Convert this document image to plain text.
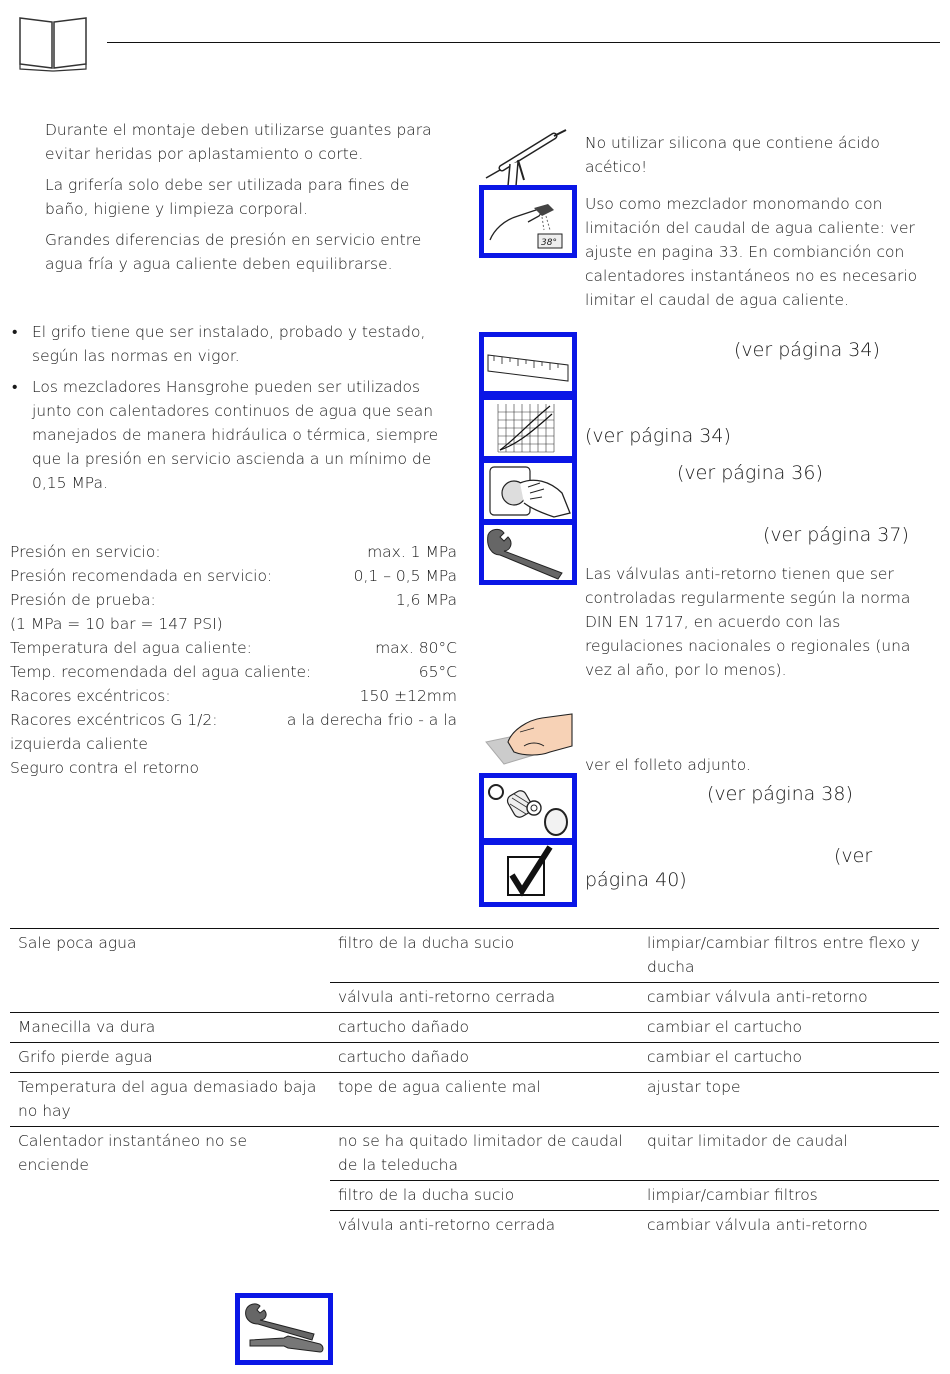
Durante el montaje deben utilizarse guantes para evitar heridas por aplastamiento o corte.

La grifería solo debe ser utilizada para fines de baño, higiene y limpieza corporal.

Grandes diferencias de presión en servicio entre agua fría y agua caliente deben equilibrarse.

• El grifo tiene que ser instalado, probado y testado, según las normas en vigor.

• Los mezcladores Hansgrohe pueden ser utilizados junto con calentadores continuos de agua que sean manejados de manera hidráulica o térmica, siempre que la presión en servicio ascienda a un mínimo de 0,15 MPa.

Presión en servicio:	max. 1 MPa
Presión recomendada en servicio:	0,1 – 0,5 MPa
Presión de prueba:	1,6 MPa
(1 MPa = 10 bar = 147 PSI)
Temperatura del agua caliente:	max. 80°C
Temp. recomendada del agua caliente:	65°C
Racores excéntricos:	150 ±12mm
Racores excéntricos G 1/2:	a la derecha frio - a la
izquierda caliente
Seguro contra el retorno
No utilizar silicona que contiene ácido acético!
38°
Uso como mezclador monomando con limitación del caudal de agua caliente: ver ajuste en pagina 33. En combianción con calentadores instantáneos no es necesario limitar el caudal de agua caliente.
(ver página 34)
(ver página 34)
(ver página 36)
(ver página 37)
Las válvulas anti-retorno tienen que ser controladas regularmente según la norma DIN EN 1717, en acuerdo con las regulaciones nacionales o regionales (una vez al año, por lo menos).
ver el folleto adjunto.
(ver página 38)
(ver
página 40)
Sale poca agua	filtro de la ducha sucio	limpiar/cambiar filtros entre flexo y ducha
	válvula anti-retorno cerrada	cambiar válvula anti-retorno
Manecilla va dura	cartucho dañado	cambiar el cartucho
Grifo pierde agua	cartucho dañado	cambiar el cartucho
Temperatura del agua demasiado baja no hay	tope de agua caliente mal	ajustar tope
Calentador instantáneo no se enciende	no se ha quitado limitador de caudal de la teleducha	quitar limitador de caudal
	filtro de la ducha sucio	limpiar/cambiar filtros
	válvula anti-retorno cerrada	cambiar válvula anti-retorno
